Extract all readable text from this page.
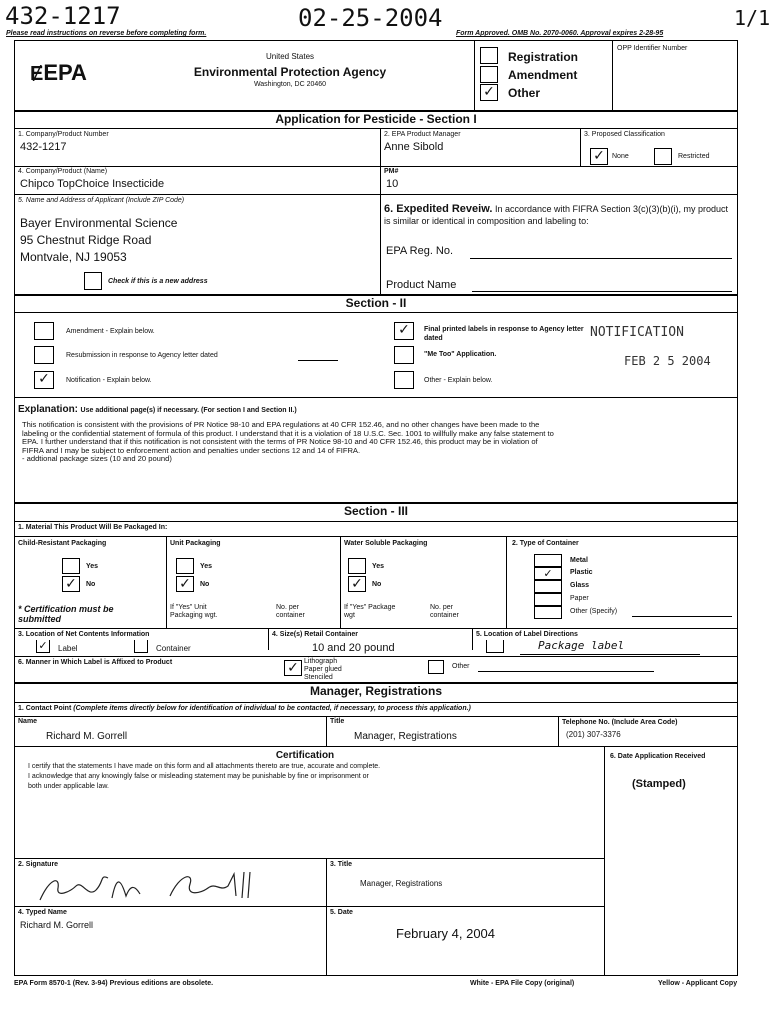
432-1217	02-25-2004	1/1
Please read instructions on reverse before completing form.	Form Approved. OMB No. 2070-0060. Approval expires 2-28-95
ɆEPA
United States
Environmental Protection Agency
Washington, DC 20460	✓
Registration
Amendment
Other
OPP Identifier Number
Application for Pesticide - Section I
1. Company/Product Number
432-1217
2. EPA Product Manager
Anne Sibold
3. Proposed Classification
✓	None	Restricted
4. Company/Product (Name)
Chipco TopChoice Insecticide
PM#
10
5. Name and Address of Applicant (Include ZIP Code)
Bayer Environmental Science
95 Chestnut Ridge Road
Montvale, NJ 19053
Check if this is a new address
6. Expedited Reveiw. In accordance with FIFRA Section 3(c)(3)(b)(i), my product is similar or identical in composition and labeling to:
EPA Reg. No.
Product Name
Section - II
Amendment - Explain below.
Resubmission in response to Agency letter dated
✓	Notification - Explain below.
✓	Final printed labels in response to Agency letter dated
"Me Too" Application.
Other - Explain below.
NOTIFICATION
FEB 2 5 2004
Explanation: Use additional page(s) if necessary. (For section I and Section II.)
This notification is consistent with the provisions of PR Notice 98-10 and EPA regulations at 40 CFR 152.46, and no other changes have been made to the
labeling or the confidential statement of formula of this product. I understand that it is a violation of 18 U.S.C. Sec. 1001 to willfully make any false statement to
EPA. I further understand that if this notification is not consistent with the terms of PR Notice 98-10 and 40 CFR 152.46, this product may be in violation of
FIFRA and I may be subject to enforcement action and penalties under sections 12 and 14 of FIFRA.
- addtional package sizes (10 and 20 pound)
Section - III
1. Material This Product Will Be Packaged In:
Child-Resistant Packaging
Yes
✓	No
* Certification must be submitted
Unit Packaging
Yes
✓	No
If "Yes" Unit Packaging wgt.
No. per container
Water Soluble Packaging
Yes
✓	No
If "Yes" Package wgt
No. per container
2. Type of Container
✓
Metal
Plastic
Glass
Paper
Other (Specify)
3. Location of Net Contents Information
✓ Label	Container
4. Size(s) Retail Container
10 and 20 pound
5. Location of Label Directions
Package label
6. Manner in Which Label is Affixed to Product	✓ Lithograph
Paper glued
Stenciled
Other
Manager, Registrations
1. Contact Point (Complete items directly below for identification of individual to be contacted, if necessary, to process this application.)
Name
Richard M. Gorrell
Title
Manager, Registrations
Telephone No. (Include Area Code)
(201) 307-3376
Certification
I certify that the statements I have made on this form and all attachments thereto are true, accurate and complete.
I acknowledge that any knowingly false or misleading statement may be punishable by fine or imprisonment or
both under applicable law.
6. Date Application Received
(Stamped)
2. Signature	3. Title
Manager, Registrations
4. Typed Name
Richard M. Gorrell
5. Date
February 4, 2004
EPA Form 8570-1 (Rev. 3-94) Previous editions are obsolete.	White - EPA File Copy (original)	Yellow - Applicant Copy
